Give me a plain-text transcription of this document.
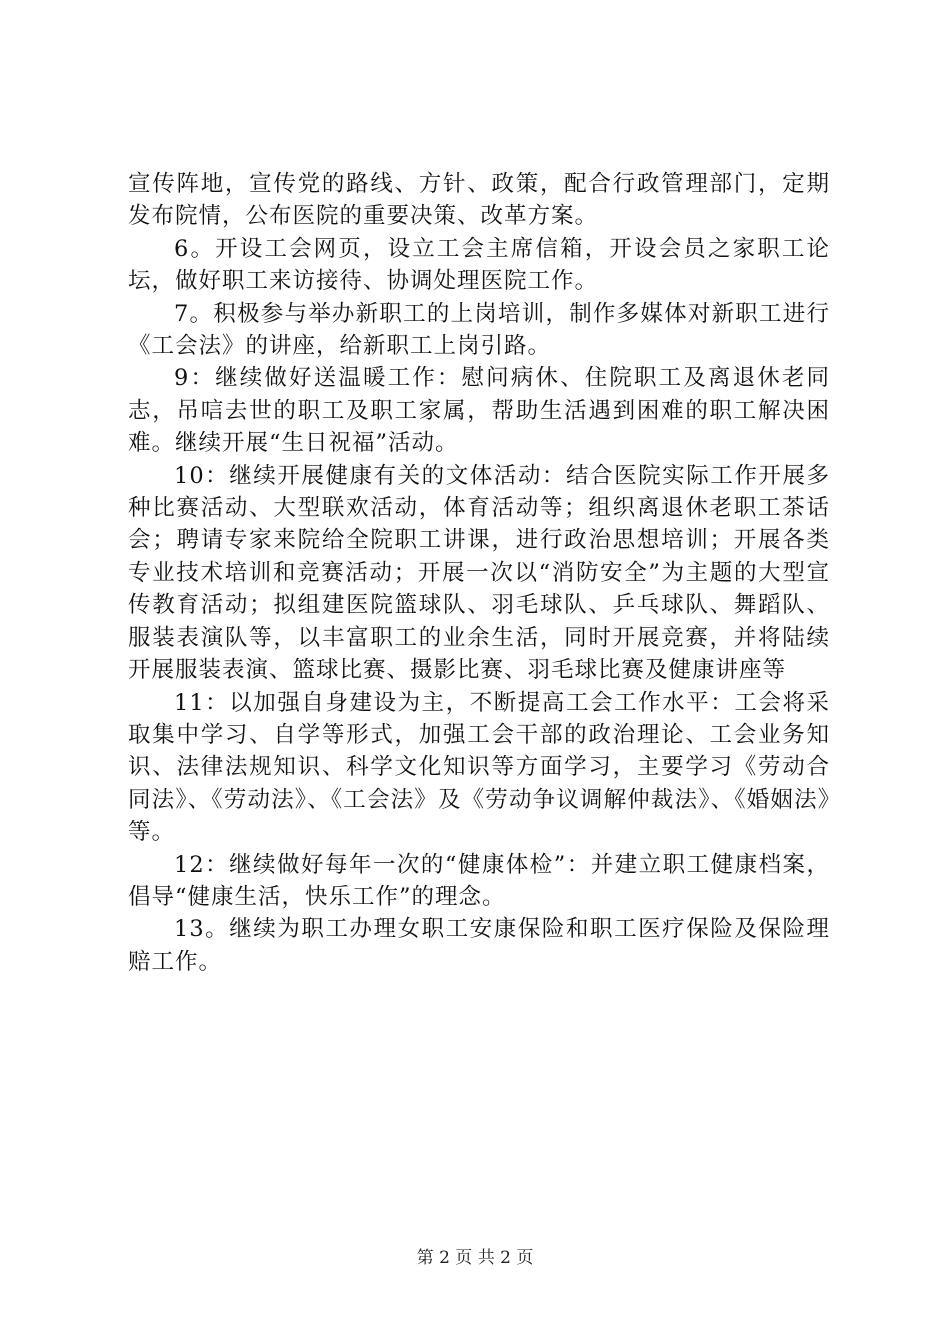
宣传阵地，宣传党的路线、方针、政策，配合行政管理部门，定期发布院情，公布医院的重要决策、改革方案。

6。开设工会网页，设立工会主席信箱，开设会员之家职工论坛，做好职工来访接待、协调处理医院工作。

7。积极参与举办新职工的上岗培训，制作多媒体对新职工进行《工会法》的讲座，给新职工上岗引路。

9：继续做好送温暖工作：慰问病休、住院职工及离退休老同志，吊唁去世的职工及职工家属，帮助生活遇到困难的职工解决困难。继续开展“生日祝福”活动。

10：继续开展健康有关的文体活动：结合医院实际工作开展多种比赛活动、大型联欢活动，体育活动等；组织离退休老职工茶话会；聘请专家来院给全院职工讲课，进行政治思想培训；开展各类专业技术培训和竞赛活动；开展一次以“消防安全”为主题的大型宣传教育活动；拟组建医院篮球队、羽毛球队、乒乓球队、舞蹈队、服装表演队等，以丰富职工的业余生活，同时开展竞赛，并将陆续开展服装表演、篮球比赛、摄影比赛、羽毛球比赛及健康讲座等

11：以加强自身建设为主，不断提高工会工作水平：工会将采取集中学习、自学等形式，加强工会干部的政治理论、工会业务知识、法律法规知识、科学文化知识等方面学习，主要学习《劳动合同法》、《劳动法》、《工会法》及《劳动争议调解仲裁法》、《婚姻法》等。

12：继续做好每年一次的“健康体检”：并建立职工健康档案，倡导“健康生活，快乐工作”的理念。

13。继续为职工办理女职工安康保险和职工医疗保险及保险理赔工作。

第 2 页 共 2 页
